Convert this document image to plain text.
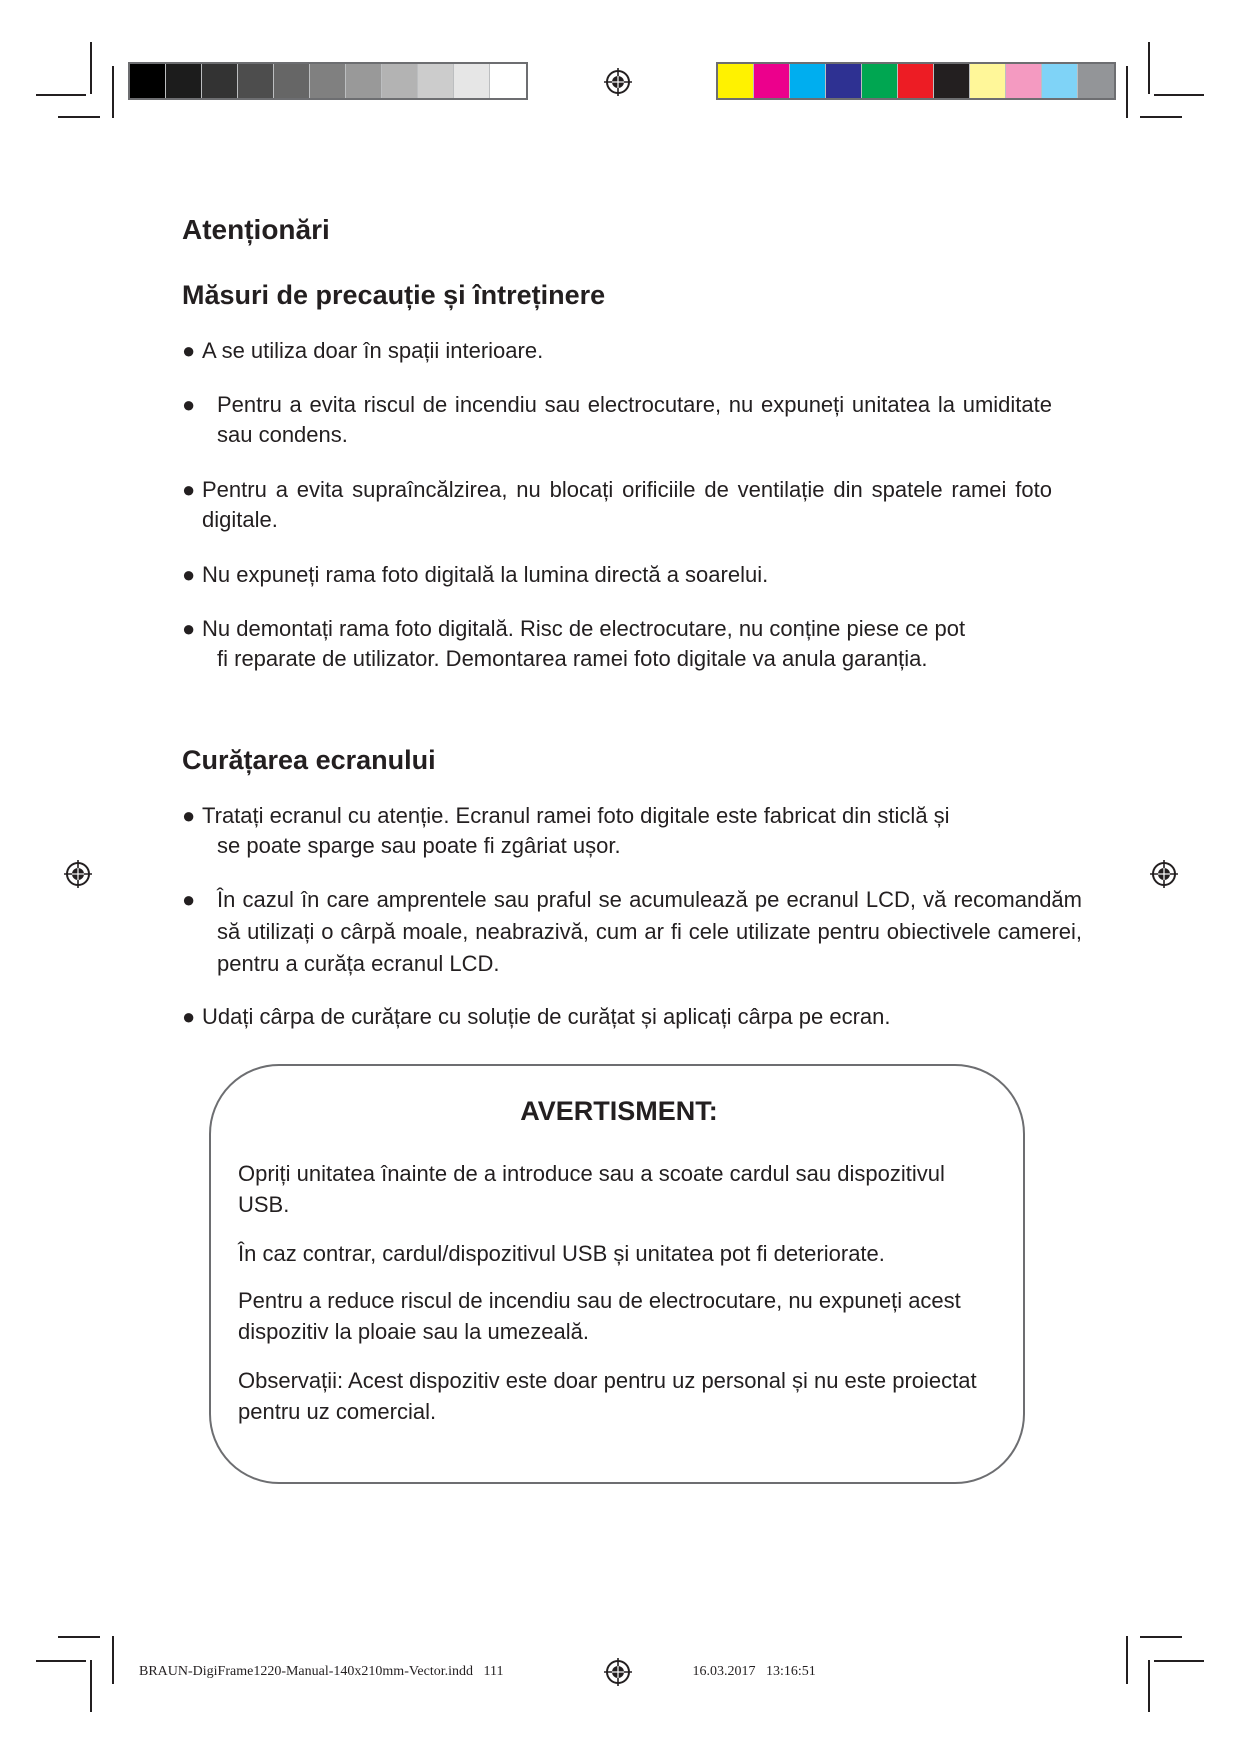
Atenționări
Măsuri de precauție și întreținere
● A se utiliza doar în spații interioare.
● Pentru a evita riscul de incendiu sau electrocutare, nu expuneți unitatea la umiditate sau condens.
● Pentru a evita supraîncălzirea, nu blocați orificiile de ventilație din spatele ramei foto digitale.
● Nu expuneți rama foto digitală la lumina directă a soarelui.
● Nu demontați rama foto digitală. Risc de electrocutare, nu conține piese ce pot
fi reparate de utilizator. Demontarea ramei foto digitale va anula garanția.
Curățarea ecranului
● Tratați ecranul cu atenție. Ecranul ramei foto digitale este fabricat din sticlă și
se poate sparge sau poate fi zgâriat ușor.
● În cazul în care amprentele sau praful se acumulează pe ecranul LCD, vă recomandăm să utilizați o cârpă moale, neabrazivă, cum ar fi cele utilizate pentru obiectivele camerei, pentru a curăța ecranul LCD.
● Udați cârpa de curățare cu soluție de curățat și aplicați cârpa pe ecran.
AVERTISMENT:
Opriți unitatea înainte de a introduce sau a scoate cardul sau dispozitivul USB.
În caz contrar, cardul/dispozitivul USB și unitatea pot fi deteriorate.
Pentru a reduce riscul de incendiu sau de electrocutare, nu expuneți acest dispozitiv la ploaie sau la umezeală.
Observații: Acest dispozitiv este doar pentru uz personal și nu este proiectat pentru uz comercial.
BRAUN-DigiFrame1220-Manual-140x210mm-Vector.indd   111                                                      16.03.2017   13:16:51
